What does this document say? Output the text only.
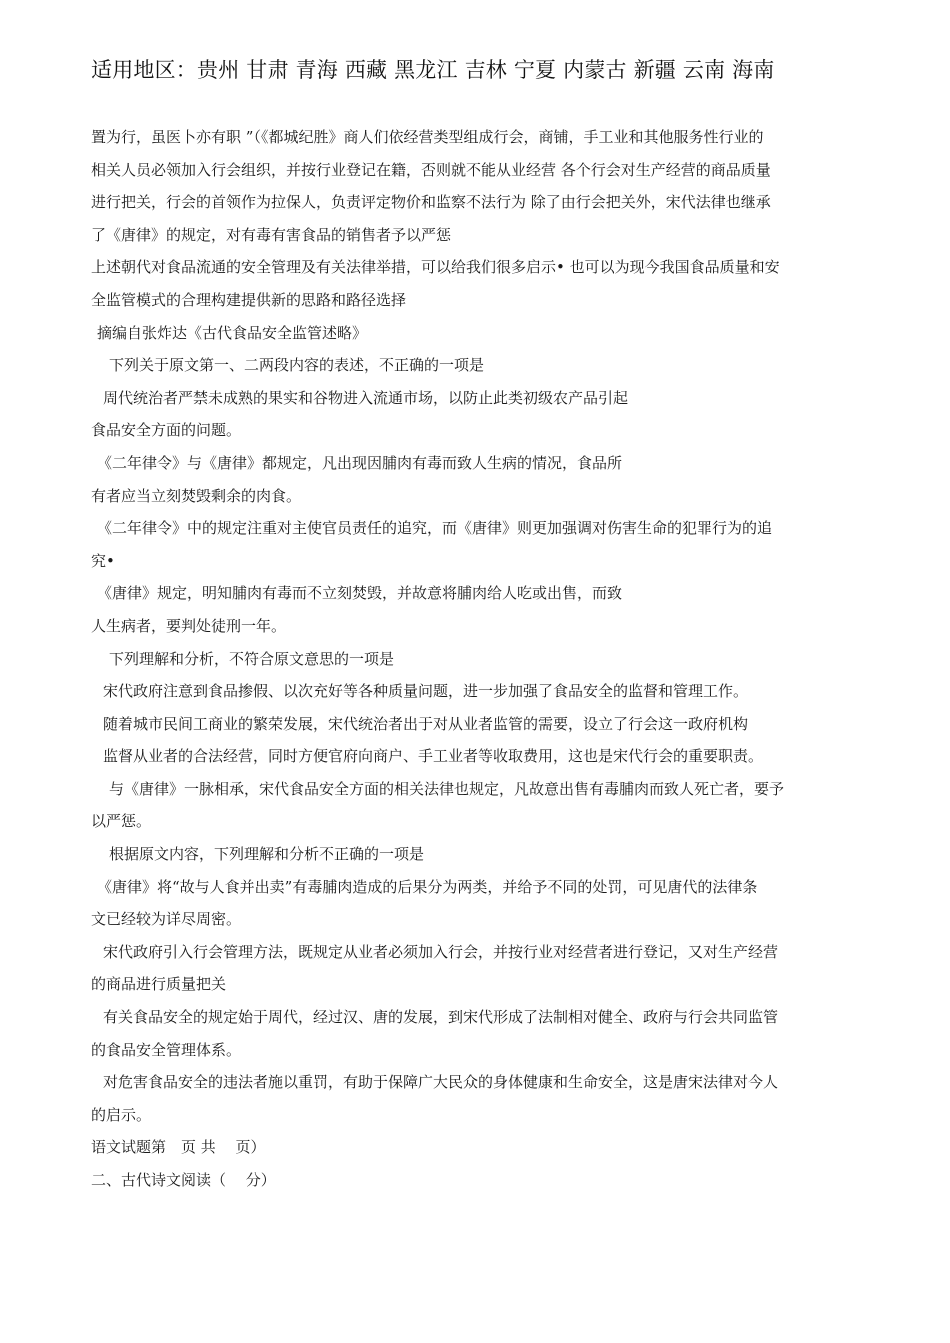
适用地区：贵州 甘肃 青海 西藏 黑龙江 吉林 宁夏 内蒙古 新疆 云南 海南
置为行，虽医卜亦有职 ”（《都城纪胜》商人们依经营类型组成行会，商铺，手工业和其他服务性行业的
相关人员必领加入行会组织，并按行业登记在籍，否则就不能从业经营 各个行会对生产经营的商品质量
进行把关，行会的首领作为拉保人，负责评定物价和监察不法行为 除了由行会把关外，宋代法律也继承
了《唐律》的规定，对有毒有害食品的销售者予以严惩
上述朝代对食品流通的安全管理及有关法律举措，可以给我们很多启示• 也可以为现今我国食品质量和安
全监管模式的合理构建提供新的思路和路径选择
摘编自张炸达《古代食品安全监管述略》
下列关于原文第一、二两段内容的表述，不正确的一项是
周代统治者严禁未成熟的果实和谷物进入流通市场，以防止此类初级农产品引起
食品安全方面的问题。
《二年律令》与《唐律》都规定，凡出现因脯肉有毒而致人生病的情况，食品所
有者应当立刻焚毁剩余的肉食。
《二年律令》中的规定注重对主使官员责任的追究，而《唐律》则更加强调对伤害生命的犯罪行为的追
究•
《唐律》规定，明知脯肉有毒而不立刻焚毁，并故意将脯肉给人吃或出售，而致
人生病者，要判处徒刑一年。
下列理解和分析，不符合原文意思的一项是
宋代政府注意到食品掺假、以次充好等各种质量问题，进一步加强了食品安全的监督和管理工作。
随着城市民间工商业的繁荣发展，宋代统治者出于对从业者监管的需要，设立了行会这一政府机构
监督从业者的合法经营，同时方便官府向商户、手工业者等收取费用，这也是宋代行会的重要职责。
与《唐律》一脉相承，宋代食品安全方面的相关法律也规定，凡故意出售有毒脯肉而致人死亡者，要予
以严惩。
根据原文内容，下列理解和分析不正确的一项是
《唐律》将“故与人食并出卖”有毒脯肉造成的后果分为两类，并给予不同的处罚，可见唐代的法律条
文已经较为详尽周密。
宋代政府引入行会管理方法，既规定从业者必须加入行会，并按行业对经营者进行登记，又对生产经营
的商品进行质量把关
有关食品安全的规定始于周代，经过汉、唐的发展，到宋代形成了法制相对健全、政府与行会共同监管
的食品安全管理体系。
对危害食品安全的违法者施以重罚，有助于保障广大民众的身体健康和生命安全，这是唐宋法律对今人
的启示。
语文试题第　页 共　 页）
二、古代诗文阅读（　 分）
